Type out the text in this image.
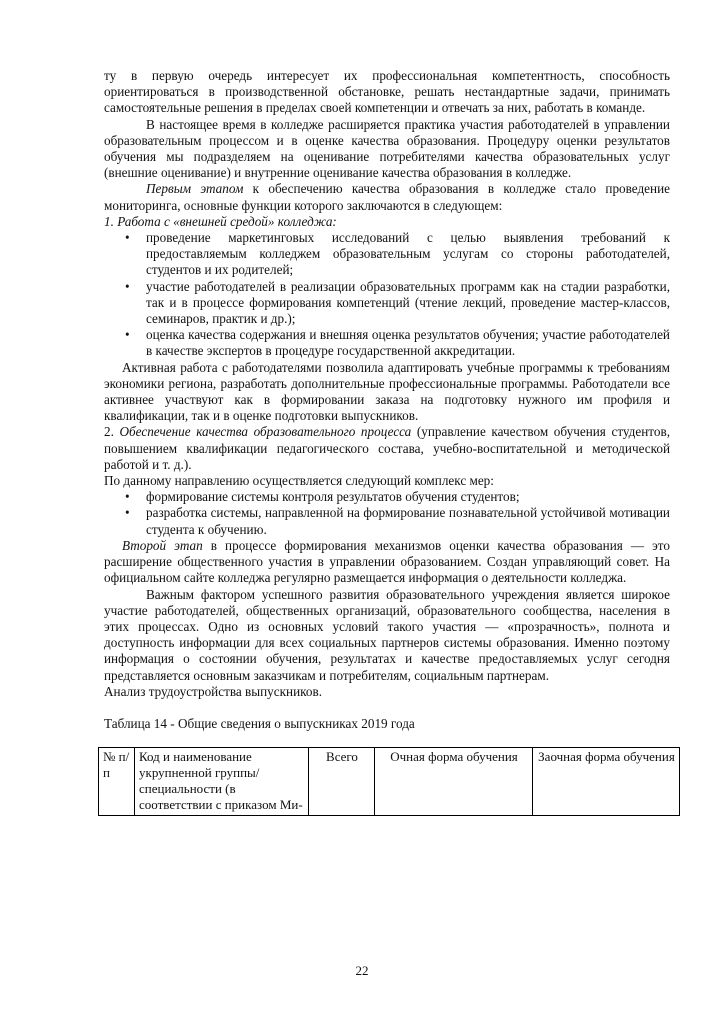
ту в первую очередь интересует их профессиональная компетентность, способность ориентироваться в производственной обстановке, решать нестандартные задачи, принимать самостоятельные решения в пределах своей компетенции и отвечать за них, работать в команде.

В настоящее время в колледже расширяется практика участия работодателей в управлении образовательным процессом и в оценке качества образования. Процедуру оценки результатов обучения мы подразделяем на оценивание потребителями качества образовательных услуг (внешние оценивание) и внутренние оценивание качества образования в колледже.

Первым этапом к обеспечению качества образования в колледже стало проведение мониторинга, основные функции которого заключаются в следующем:

1. Работа с «внешней средой» колледжа:

• проведение маркетинговых исследований с целью выявления требований к предоставляемым колледжем образовательным услугам со стороны работодателей, студентов и их родителей;
• участие работодателей в реализации образовательных программ как на стадии разработки, так и в процессе формирования компетенций (чтение лекций, проведение мастер-классов, семинаров, практик и др.);
• оценка качества содержания и внешняя оценка результатов обучения; участие работодателей в качестве экспертов в процедуре государственной аккредитации.

Активная работа с работодателями позволила адаптировать учебные программы к требованиям экономики региона, разработать дополнительные профессиональные программы. Работодатели все активнее участвуют как в формировании заказа на подготовку нужного им профиля и квалификации, так и в оценке подготовки выпускников.

2. Обеспечение качества образовательного процесса (управление качеством обучения студентов, повышением квалификации педагогического состава, учебно-воспитательной и методической работой и т. д.).

По данному направлению осуществляется следующий комплекс мер:

• формирование системы контроля результатов обучения студентов;
• разработка системы, направленной на формирование познавательной устойчивой мотивации студента к обучению.

Второй этап в процессе формирования механизмов оценки качества образования — это расширение общественного участия в управлении образованием. Создан управляющий совет. На официальном сайте колледжа регулярно размещается информация о деятельности колледжа.

Важным фактором успешного развития образовательного учреждения является широкое участие работодателей, общественных организаций, образовательного сообщества, населения в этих процессах. Одно из основных условий такого участия — «прозрачность», полнота и доступность информации для всех социальных партнеров системы образования. Именно поэтому информация о состоянии обучения, результатах и качестве предоставляемых услуг сегодня представляется основным заказчикам и потребителям, социальным партнерам.

Анализ трудоустройства выпускников.

Таблица 14 - Общие сведения о выпускниках 2019 года

№ п/п	Код и наименование укрупненной группы/ специальности (в соответствии с приказом Ми-	Всего	Очная форма обучения	Заочная форма обучения
22
